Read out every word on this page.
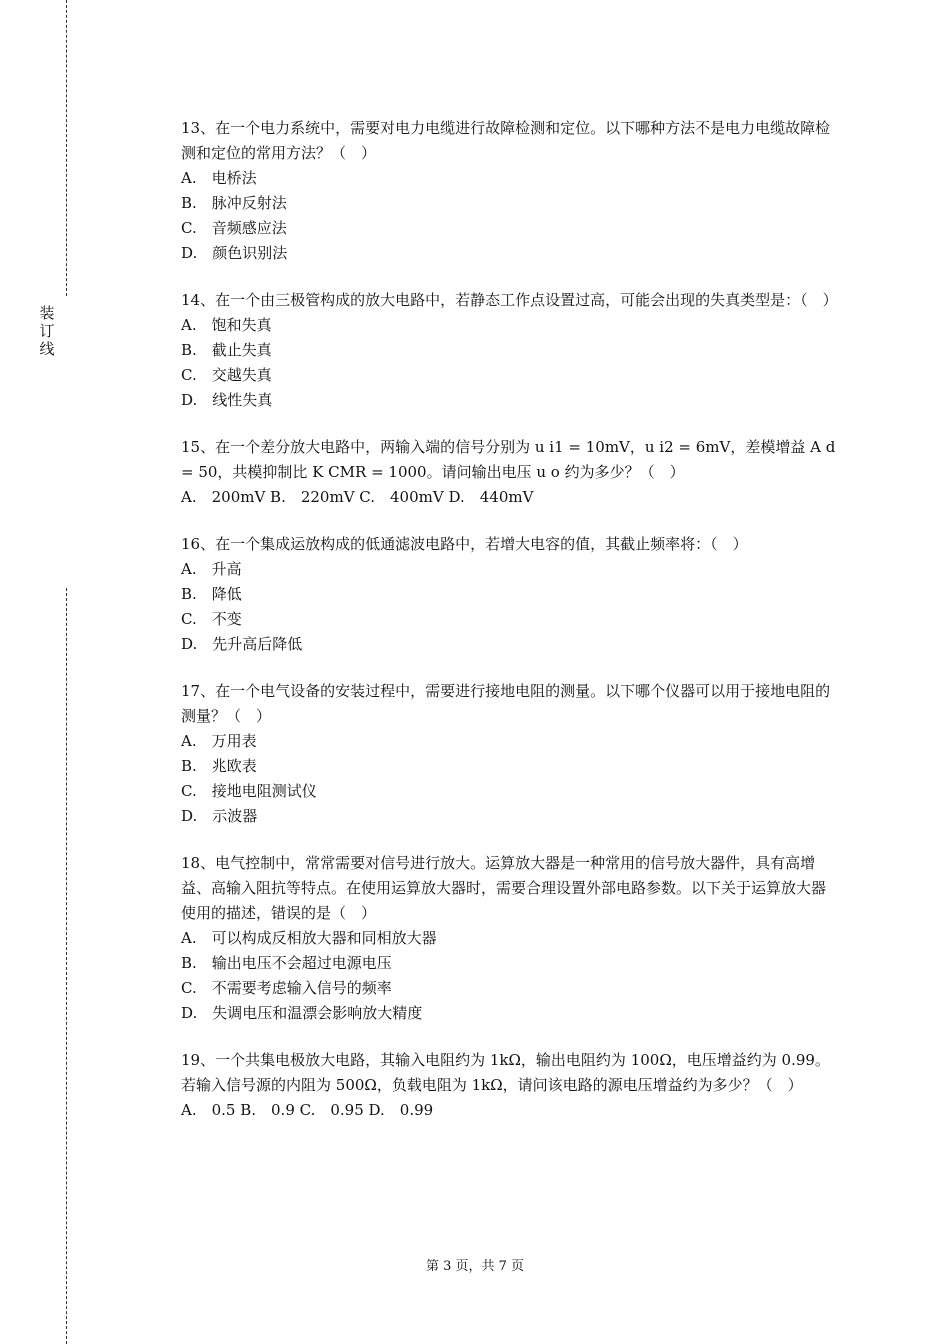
装
订
线

13、在一个电力系统中，需要对电力电缆进行故障检测和定位。以下哪种方法不是电力电缆故障检测和定位的常用方法？（　）

A.　电桥法

B.　脉冲反射法

C.　音频感应法

D.　颜色识别法

14、在一个由三极管构成的放大电路中，若静态工作点设置过高，可能会出现的失真类型是：（　）

A.　饱和失真

B.　截止失真

C.　交越失真

D.　线性失真

15、在一个差分放大电路中，两输入端的信号分别为 u i1 = 10mV，u i2 = 6mV，差模增益 A d = 50，共模抑制比 K CMR = 1000。请问输出电压 u o 约为多少？（　）

A.　200mV B.　220mV C.　400mV D.　440mV

16、在一个集成运放构成的低通滤波电路中，若增大电容的值，其截止频率将：（　）

A.　升高

B.　降低

C.　不变

D.　先升高后降低

17、在一个电气设备的安装过程中，需要进行接地电阻的测量。以下哪个仪器可以用于接地电阻的测量？（　）

A.　万用表

B.　兆欧表

C.　接地电阻测试仪

D.　示波器

18、电气控制中，常常需要对信号进行放大。运算放大器是一种常用的信号放大器件，具有高增益、高输入阻抗等特点。在使用运算放大器时，需要合理设置外部电路参数。以下关于运算放大器使用的描述，错误的是（　）

A.　可以构成反相放大器和同相放大器

B.　输出电压不会超过电源电压

C.　不需要考虑输入信号的频率

D.　失调电压和温漂会影响放大精度

19、一个共集电极放大电路，其输入电阻约为 1kΩ，输出电阻约为 100Ω，电压增益约为 0.99。若输入信号源的内阻为 500Ω，负载电阻为 1kΩ，请问该电路的源电压增益约为多少？（　）

A.　0.5 B.　0.9 C.　0.95 D.　0.99

第 3 页，共 7 页
